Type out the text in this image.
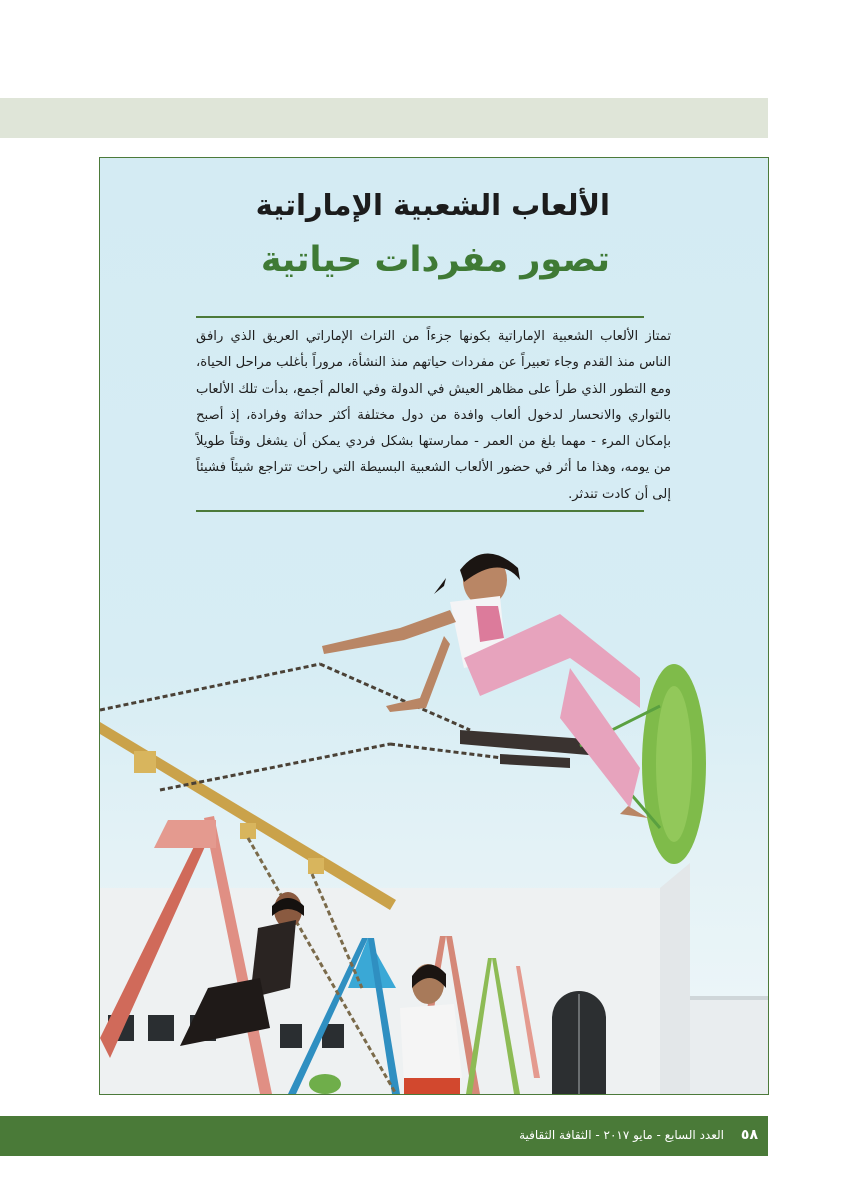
الألعاب الشعبية الإماراتية
تصور مفردات حياتية

تمتاز الألعاب الشعبية الإماراتية بكونها جزءاً من التراث الإماراتي العريق الذي رافق الناس منذ القدم وجاء تعبيراً عن مفردات حياتهم منذ النشأة، مروراً بأغلب مراحل الحياة، ومع التطور الذي طرأ على مظاهر العيش في الدولة وفي العالم أجمع، بدأت تلك الألعاب بالتواري والانحسار لدخول ألعاب وافدة من دول مختلفة أكثر حداثة وفرادة، إذ أصبح بإمكان المرء - مهما بلغ من العمر - ممارستها بشكل فردي يمكن أن يشغل وقتاً طويلاً من يومه، وهذا ما أثر في حضور الألعاب الشعبية البسيطة التي راحت تتراجع شيئاً فشيئاً إلى أن كادت تندثر.

٥٨
العدد السابع - مايو ٢٠١٧ - الثقافة الثقافية
